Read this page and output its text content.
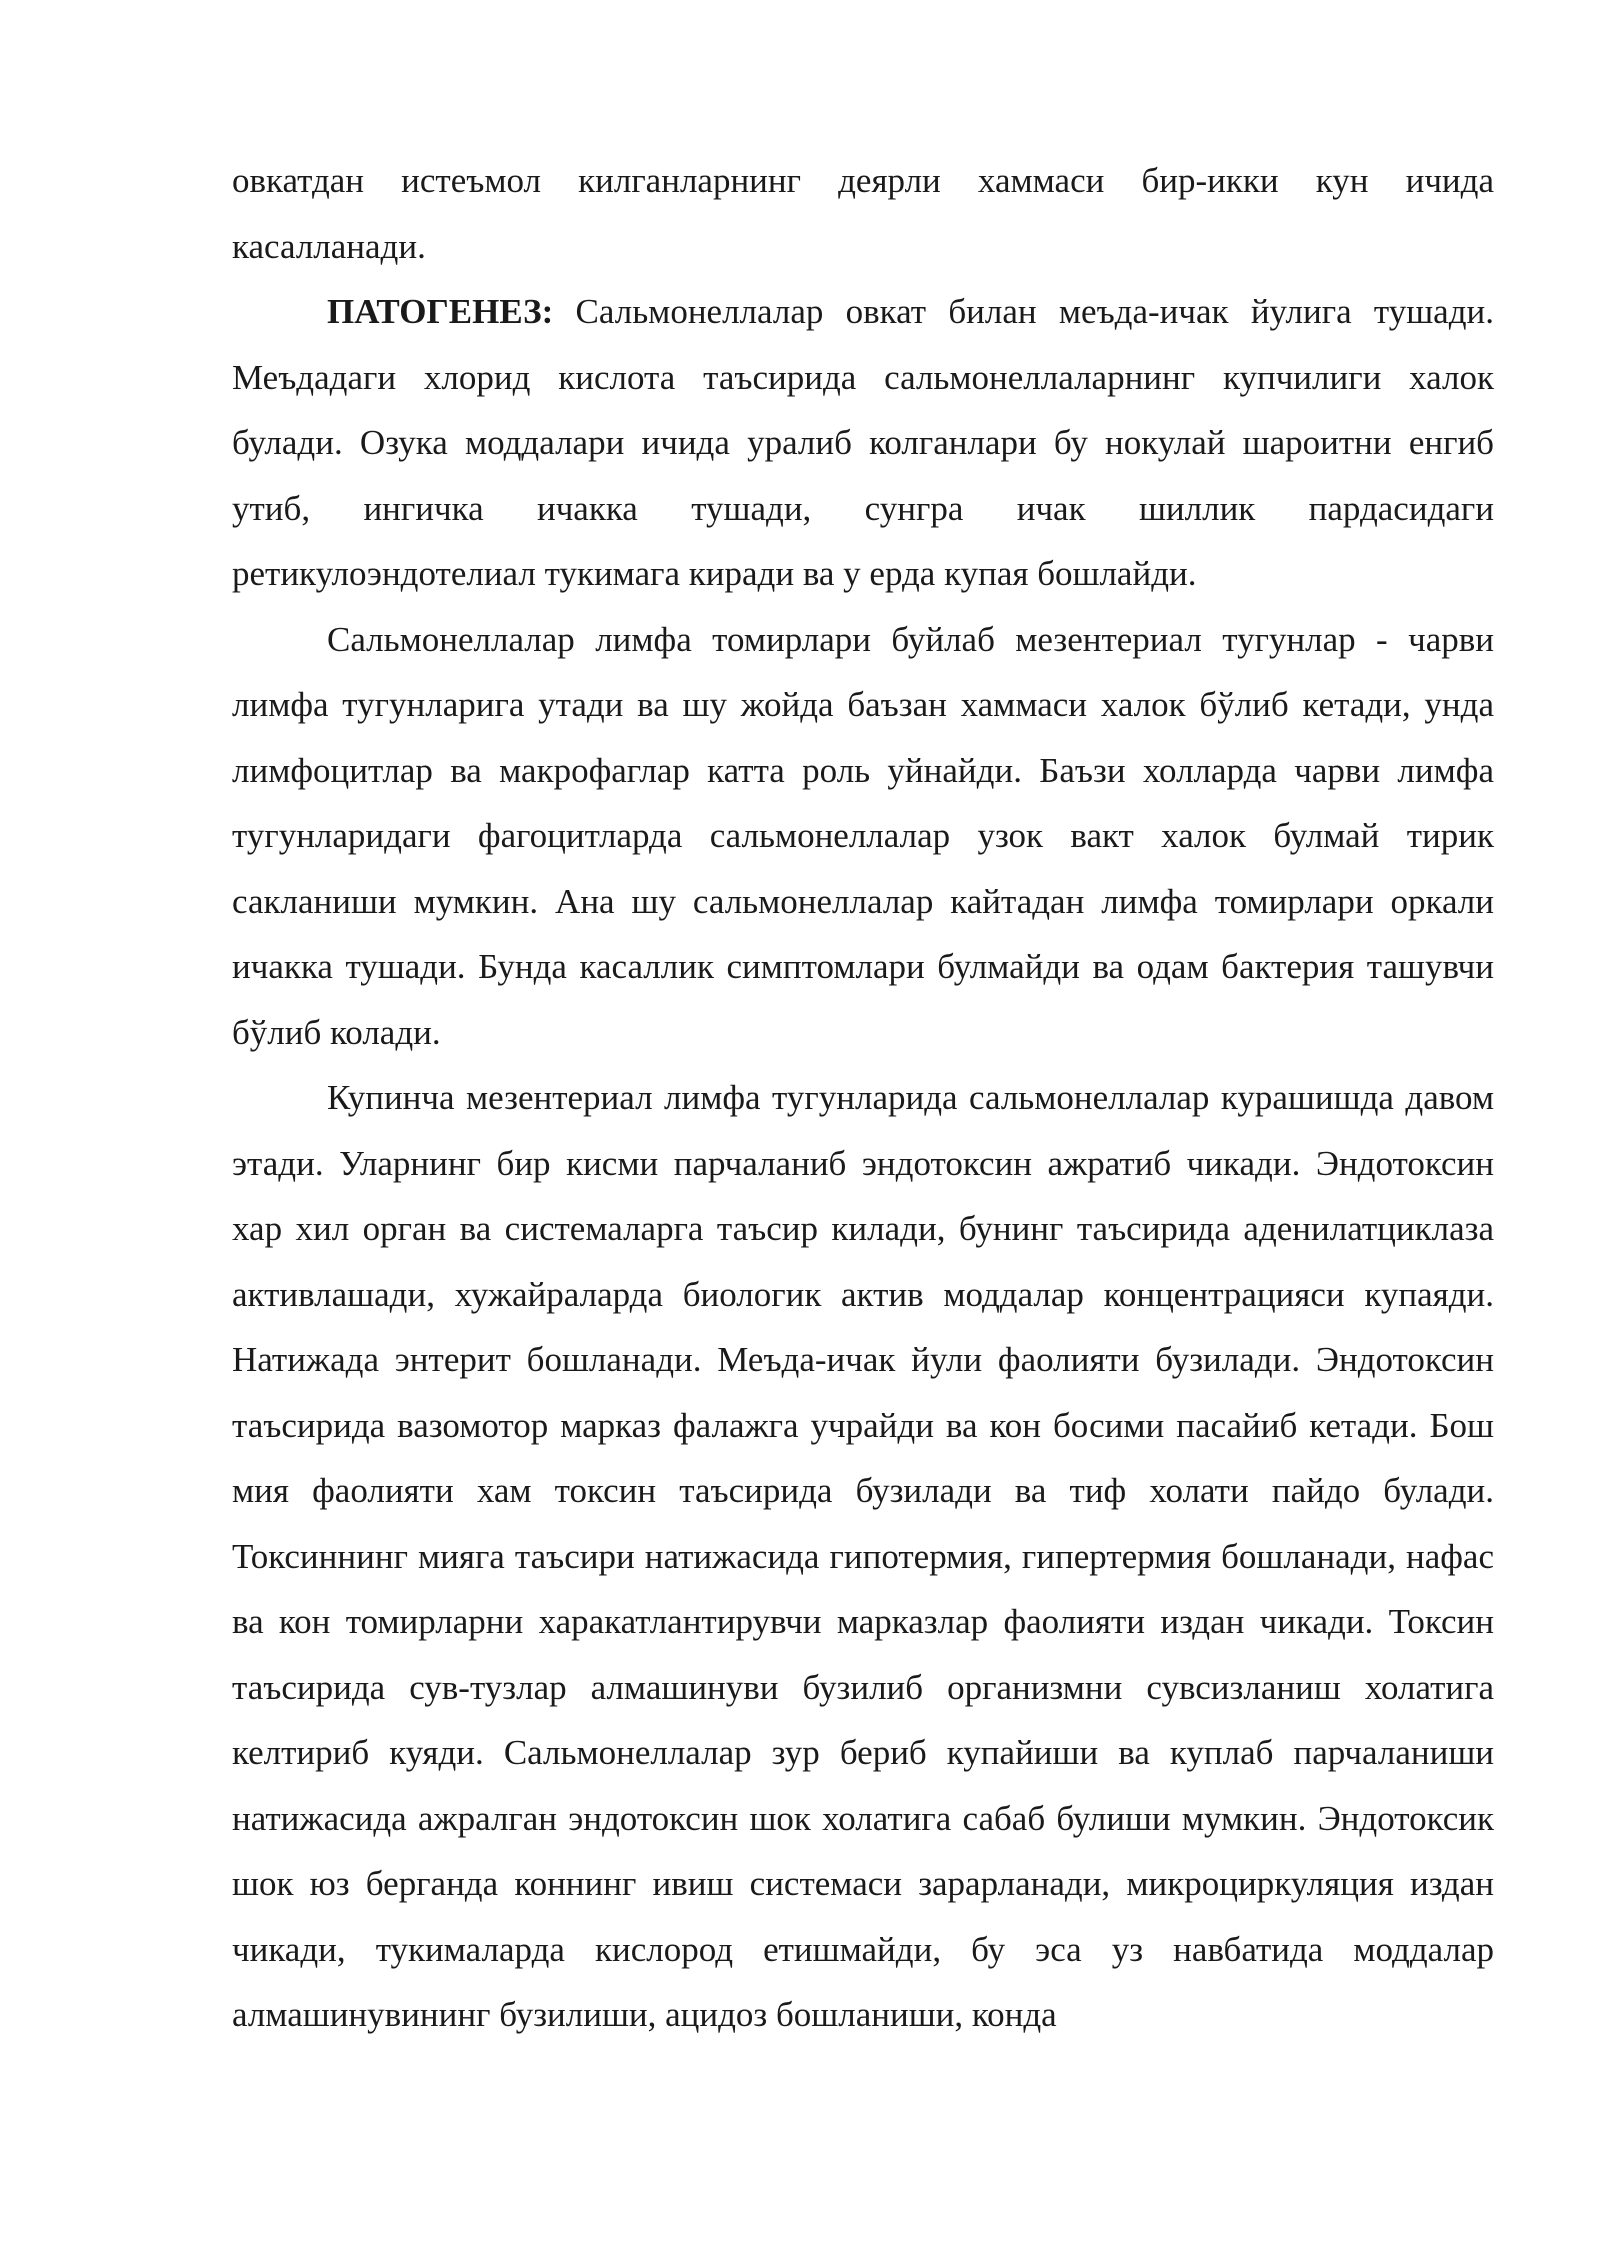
овкатдан истеъмол килганларнинг деярли хаммаси бир-икки кун ичида касалланади.

ПАТОГЕНЕЗ: Сальмонеллалар овкат билан меъда-ичак йулига тушади. Меъдадаги хлорид кислота таъсирида сальмонеллаларнинг купчилиги халок булади. Озука моддалари ичида уралиб колганлари бу нокулай шароитни енгиб утиб, ингичка ичакка тушади, сунгра ичак шиллик пардасидаги ретикулоэндотелиал тукимага киради ва у ерда купая бошлайди.

Сальмонеллалар лимфа томирлари буйлаб мезентериал тугунлар - чарви лимфа тугунларига утади ва шу жойда баъзан хаммаси халок бўлиб кетади, унда лимфоцитлар ва макрофаглар катта роль уйнайди. Баъзи холларда чарви лимфа тугунларидаги фагоцитларда сальмонеллалар узок вакт халок булмай тирик сакланиши мумкин. Ана шу сальмонеллалар кайтадан лимфа томирлари оркали ичакка тушади. Бунда касаллик симптомлари булмайди ва одам бактерия ташувчи бўлиб колади.

Купинча мезентериал лимфа тугунларида сальмонеллалар курашишда давом этади. Уларнинг бир кисми парчаланиб эндотоксин ажратиб чикади. Эндотоксин хар хил орган ва системаларга таъсир килади, бунинг таъсирида аденилатциклаза активлашади, хужайраларда биологик актив моддалар концентрацияси купаяди. Натижада энтерит бошланади. Меъда-ичак йули фаолияти бузилади. Эндотоксин таъсирида вазомотор марказ фалажга учрайди ва кон босими пасайиб кетади. Бош мия фаолияти хам токсин таъсирида бузилади ва тиф холати пайдо булади. Токсиннинг мияга таъсири натижасида гипотермия, гипертермия бошланади, нафас ва кон томирларни харакатлантирувчи марказлар фаолияти издан чикади. Токсин таъсирида сув-тузлар алмашинуви бузилиб организмни сувсизланиш холатига келтириб куяди. Сальмонеллалар зур бериб купайиши ва куплаб парчаланиши натижасида ажралган эндотоксин шок холатига сабаб булиши мумкин. Эндотоксик шок юз берганда коннинг ивиш системаси зарарланади, микроциркуляция издан чикади, тукималарда кислород етишмайди, бу эса уз навбатида моддалар алмашинувининг бузилиши, ацидоз бошланиши, конда
